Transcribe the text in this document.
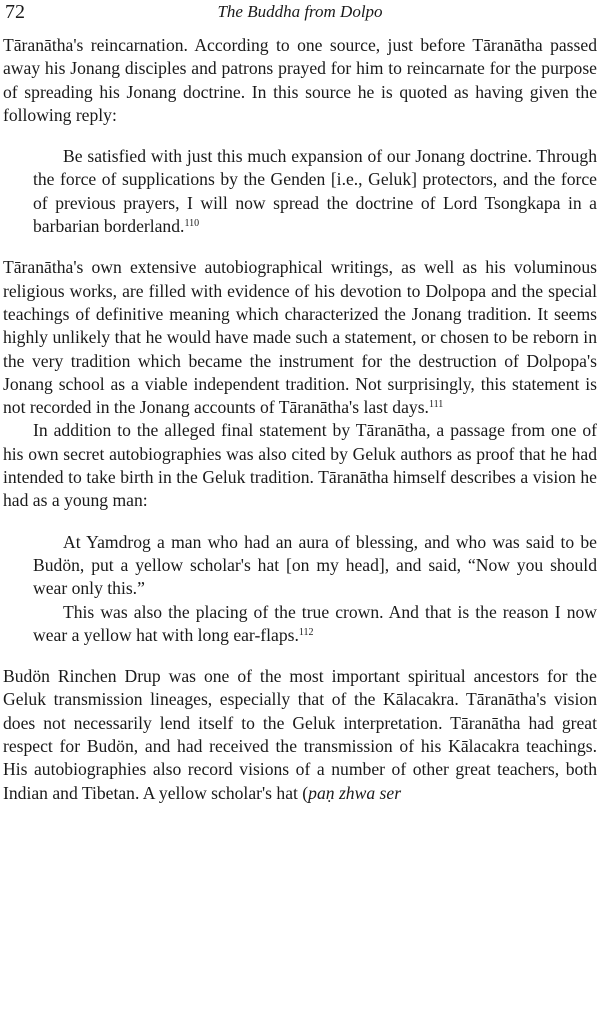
72	The Buddha from Dolpo

Tāranātha's reincarnation. According to one source, just before Tāranātha passed away his Jonang disciples and patrons prayed for him to reincarnate for the purpose of spreading his Jonang doctrine. In this source he is quoted as having given the following reply:

Be satisfied with just this much expansion of our Jonang doctrine. Through the force of supplications by the Genden [i.e., Geluk] protectors, and the force of previous prayers, I will now spread the doctrine of Lord Tsongkapa in a barbarian borderland.$^{110}$

Tāranātha's own extensive autobiographical writings, as well as his voluminous religious works, are filled with evidence of his devotion to Dolpopa and the special teachings of definitive meaning which characterized the Jonang tradition. It seems highly unlikely that he would have made such a statement, or chosen to be reborn in the very tradition which became the instrument for the destruction of Dolpopa's Jonang school as a viable independent tradition. Not surprisingly, this statement is not recorded in the Jonang accounts of Tāranātha's last days.$^{111}$

In addition to the alleged final statement by Tāranātha, a passage from one of his own secret autobiographies was also cited by Geluk authors as proof that he had intended to take birth in the Geluk tradition. Tāranātha himself describes a vision he had as a young man:

At Yamdrog a man who had an aura of blessing, and who was said to be Budön, put a yellow scholar's hat [on my head], and said, “Now you should wear only this.”

This was also the placing of the true crown. And that is the reason I now wear a yellow hat with long ear-flaps.$^{112}$

Budön Rinchen Drup was one of the most important spiritual ancestors for the Geluk transmission lineages, especially that of the Kālacakra. Tāranātha's vision does not necessarily lend itself to the Geluk interpretation. Tāranātha had great respect for Budön, and had received the transmission of his Kālacakra teachings. His autobiographies also record visions of a number of other great teachers, both Indian and Tibetan. A yellow scholar's hat (paṇ zhwa ser
